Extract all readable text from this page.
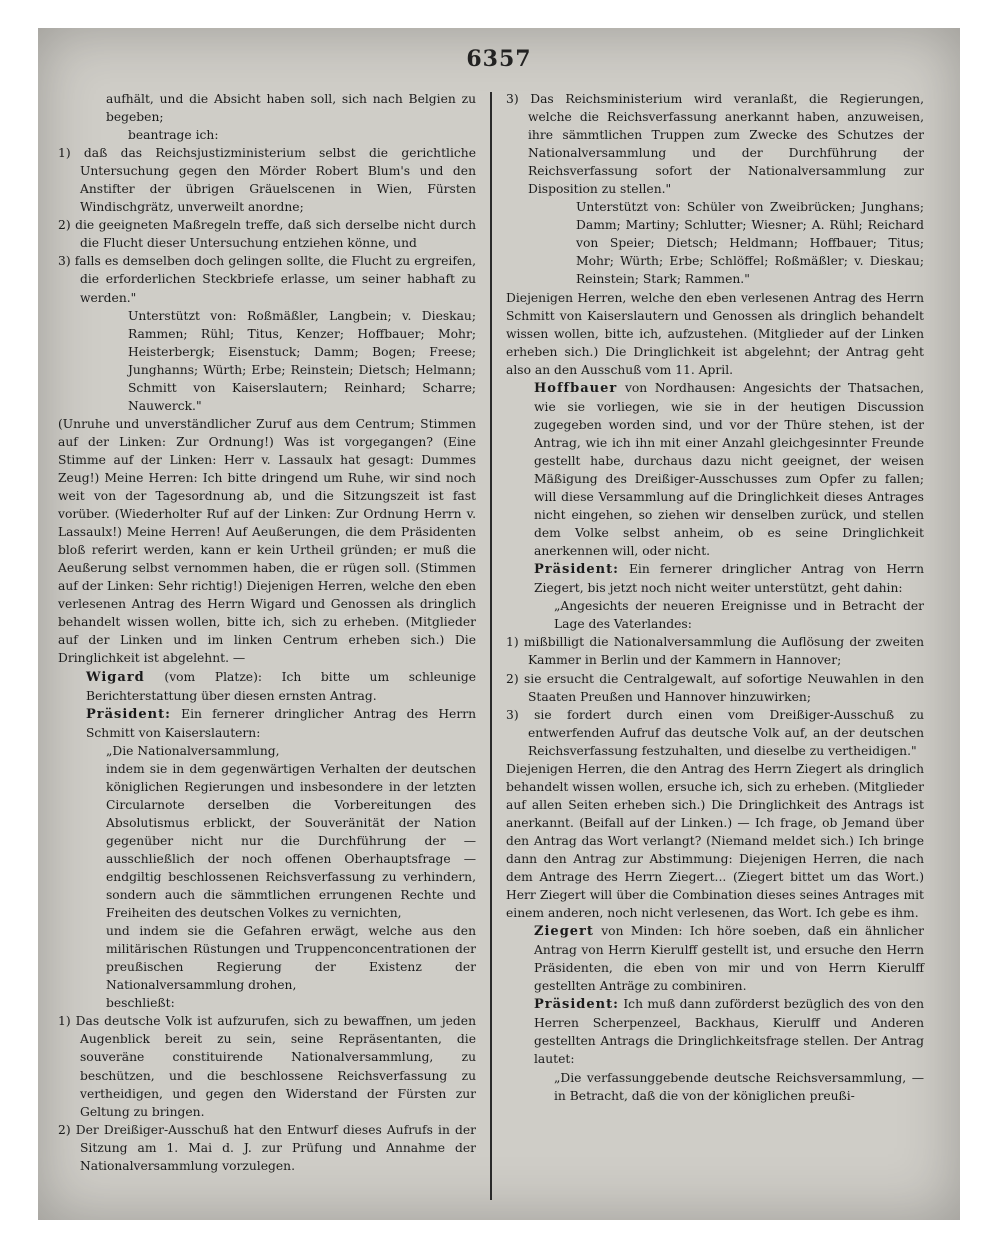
6357
aufhält, und die Absicht haben soll, sich nach Belgien zu begeben;
beantrage ich:
1) daß das Reichsjustizministerium selbst die gerichtliche Untersuchung gegen den Mörder Robert Blum's und den Anstifter der übrigen Gräuelscenen in Wien, Fürsten Windischgrätz, unverweilt anordne;
2) die geeigneten Maßregeln treffe, daß sich derselbe nicht durch die Flucht dieser Untersuchung entziehen könne, und
3) falls es demselben doch gelingen sollte, die Flucht zu ergreifen, die erforderlichen Steckbriefe erlasse, um seiner habhaft zu werden."
Unterstützt von: Roßmäßler, Langbein; v. Dieskau; Rammen; Rühl; Titus, Kenzer; Hoffbauer; Mohr; Heisterbergk; Eisenstuck; Damm; Bogen; Freese; Junghanns; Würth; Erbe; Reinstein; Dietsch; Helmann; Schmitt von Kaiserslautern; Reinhard; Scharre; Nauwerck."
(Unruhe und unverständlicher Zuruf aus dem Centrum; Stimmen auf der Linken: Zur Ordnung!) Was ist vorgegangen? (Eine Stimme auf der Linken: Herr v. Lassaulx hat gesagt: Dummes Zeug!) Meine Herren: Ich bitte dringend um Ruhe, wir sind noch weit von der Tagesordnung ab, und die Sitzungszeit ist fast vorüber. (Wiederholter Ruf auf der Linken: Zur Ordnung Herrn v. Lassaulx!) Meine Herren! Auf Aeußerungen, die dem Präsidenten bloß referirt werden, kann er kein Urtheil gründen; er muß die Aeußerung selbst vernommen haben, die er rügen soll. (Stimmen auf der Linken: Sehr richtig!) Diejenigen Herren, welche den eben verlesenen Antrag des Herrn Wigard und Genossen als dringlich behandelt wissen wollen, bitte ich, sich zu erheben. (Mitglieder auf der Linken und im linken Centrum erheben sich.) Die Dringlichkeit ist abgelehnt. —
Wigard (vom Platze): Ich bitte um schleunige Berichterstattung über diesen ernsten Antrag.
Präsident: Ein fernerer dringlicher Antrag des Herrn Schmitt von Kaiserslautern:
„Die Nationalversammlung,
indem sie in dem gegenwärtigen Verhalten der deutschen königlichen Regierungen und insbesondere in der letzten Circularnote derselben die Vorbereitungen des Absolutismus erblickt, der Souveränität der Nation gegenüber nicht nur die Durchführung der — ausschließlich der noch offenen Oberhauptsfrage — endgiltig beschlossenen Reichsverfassung zu verhindern, sondern auch die sämmtlichen errungenen Rechte und Freiheiten des deutschen Volkes zu vernichten,
und indem sie die Gefahren erwägt, welche aus den militärischen Rüstungen und Truppenconcentrationen der preußischen Regierung der Existenz der Nationalversammlung drohen,
beschließt:
1) Das deutsche Volk ist aufzurufen, sich zu bewaffnen, um jeden Augenblick bereit zu sein, seine Repräsentanten, die souveräne constituirende Nationalversammlung, zu beschützen, und die beschlossene Reichsverfassung zu vertheidigen, und gegen den Widerstand der Fürsten zur Geltung zu bringen.
2) Der Dreißiger-Ausschuß hat den Entwurf dieses Aufrufs in der Sitzung am 1. Mai d. J. zur Prüfung und Annahme der Nationalversammlung vorzulegen.
3) Das Reichsministerium wird veranlaßt, die Regierungen, welche die Reichsverfassung anerkannt haben, anzuweisen, ihre sämmtlichen Truppen zum Zwecke des Schutzes der Nationalversammlung und der Durchführung der Reichsverfassung sofort der Nationalversammlung zur Disposition zu stellen."
Unterstützt von: Schüler von Zweibrücken; Junghans; Damm; Martiny; Schlutter; Wiesner; A. Rühl; Reichard von Speier; Dietsch; Heldmann; Hoffbauer; Titus; Mohr; Würth; Erbe; Schlöffel; Roßmäßler; v. Dieskau; Reinstein; Stark; Rammen."
Diejenigen Herren, welche den eben verlesenen Antrag des Herrn Schmitt von Kaiserslautern und Genossen als dringlich behandelt wissen wollen, bitte ich, aufzustehen. (Mitglieder auf der Linken erheben sich.) Die Dringlichkeit ist abgelehnt; der Antrag geht also an den Ausschuß vom 11. April.
Hoffbauer von Nordhausen: Angesichts der Thatsachen, wie sie vorliegen, wie sie in der heutigen Discussion zugegeben worden sind, und vor der Thüre stehen, ist der Antrag, wie ich ihn mit einer Anzahl gleichgesinnter Freunde gestellt habe, durchaus dazu nicht geeignet, der weisen Mäßigung des Dreißiger-Ausschusses zum Opfer zu fallen; will diese Versammlung auf die Dringlichkeit dieses Antrages nicht eingehen, so ziehen wir denselben zurück, und stellen dem Volke selbst anheim, ob es seine Dringlichkeit anerkennen will, oder nicht.
Präsident: Ein fernerer dringlicher Antrag von Herrn Ziegert, bis jetzt noch nicht weiter unterstützt, geht dahin:
„Angesichts der neueren Ereignisse und in Betracht der Lage des Vaterlandes:
1) mißbilligt die Nationalversammlung die Auflösung der zweiten Kammer in Berlin und der Kammern in Hannover;
2) sie ersucht die Centralgewalt, auf sofortige Neuwahlen in den Staaten Preußen und Hannover hinzuwirken;
3) sie fordert durch einen vom Dreißiger-Ausschuß zu entwerfenden Aufruf das deutsche Volk auf, an der deutschen Reichsverfassung festzuhalten, und dieselbe zu vertheidigen."
Diejenigen Herren, die den Antrag des Herrn Ziegert als dringlich behandelt wissen wollen, ersuche ich, sich zu erheben. (Mitglieder auf allen Seiten erheben sich.) Die Dringlichkeit des Antrags ist anerkannt. (Beifall auf der Linken.) — Ich frage, ob Jemand über den Antrag das Wort verlangt? (Niemand meldet sich.) Ich bringe dann den Antrag zur Abstimmung: Diejenigen Herren, die nach dem Antrage des Herrn Ziegert... (Ziegert bittet um das Wort.) Herr Ziegert will über die Combination dieses seines Antrages mit einem anderen, noch nicht verlesenen, das Wort. Ich gebe es ihm.
Ziegert von Minden: Ich höre soeben, daß ein ähnlicher Antrag von Herrn Kierulff gestellt ist, und ersuche den Herrn Präsidenten, die eben von mir und von Herrn Kierulff gestellten Anträge zu combiniren.
Präsident: Ich muß dann zuförderst bezüglich des von den Herren Scherpenzeel, Backhaus, Kierulff und Anderen gestellten Antrags die Dringlichkeitsfrage stellen. Der Antrag lautet:
„Die verfassunggebende deutsche Reichsversammlung, — in Betracht, daß die von der königlichen preußi-
